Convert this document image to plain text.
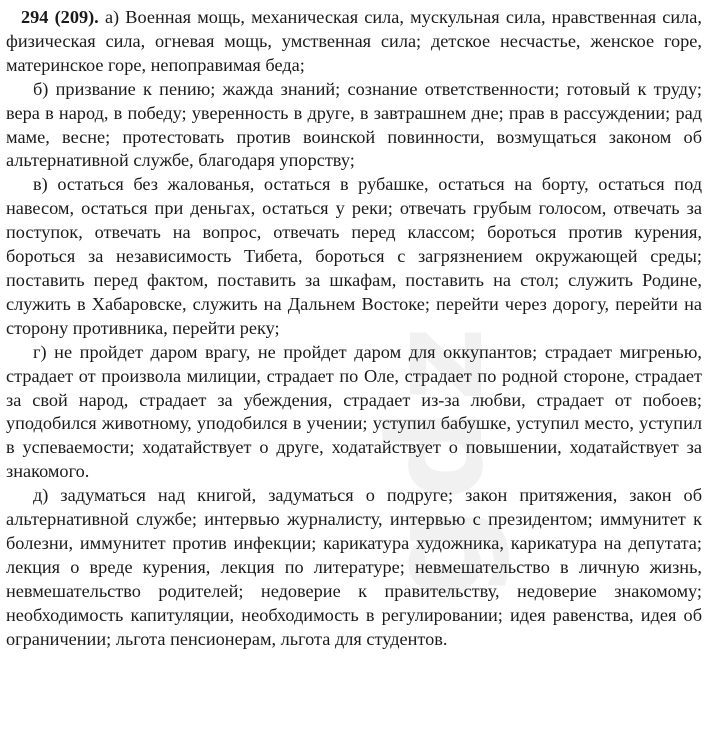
gdz

294 (209). а) Военная мощь, механическая сила, мускульная сила, нравственная сила, физическая сила, огневая мощь, умственная сила; детское несчастье, женское горе, материнское горе, непоправимая беда;

б) призвание к пению; жажда знаний; сознание ответственности; готовый к труду; вера в народ, в победу; уверенность в друге, в завтрашнем дне; прав в рассуждении; рад маме, весне; протестовать против воинской повинности, возмущаться законом об альтернативной службе, благодаря упорству;

в) остаться без жалованья, остаться в рубашке, остаться на борту, остаться под навесом, остаться при деньгах, остаться у реки; отвечать грубым голосом, отвечать за поступок, отвечать на вопрос, отвечать перед классом; бороться против курения, бороться за независимость Тибета, бороться с загрязнением окружающей среды; поставить перед фактом, поставить за шкафам, поставить на стол; служить Родине, служить в Хабаровске, служить на Дальнем Востоке; перейти через дорогу, перейти на сторону противника, перейти реку;

г) не пройдет даром врагу, не пройдет даром для оккупантов; страдает мигренью, страдает от произвола милиции, страдает по Оле, страдает по родной стороне, страдает за свой народ, страдает за убеждения, страдает из-за любви, страдает от побоев; уподобился животному, уподобился в учении; уступил бабушке, уступил место, уступил в успеваемости; ходатайствует о друге, ходатайствует о повышении, ходатайствует за знакомого.

д) задуматься над книгой, задуматься о подруге; закон притяжения, закон об альтернативной службе; интервью журналисту, интервью с президентом; иммунитет к болезни, иммунитет против инфекции; карикатура художника, карикатура на депутата; лекция о вреде курения, лекция по литературе; невмешательство в личную жизнь, невмешательство родителей; недоверие к правительству, недоверие знакомому; необходимость капитуляции, необходимость в регулировании; идея равенства, идея об ограничении; льгота пенсионерам, льгота для студентов.
